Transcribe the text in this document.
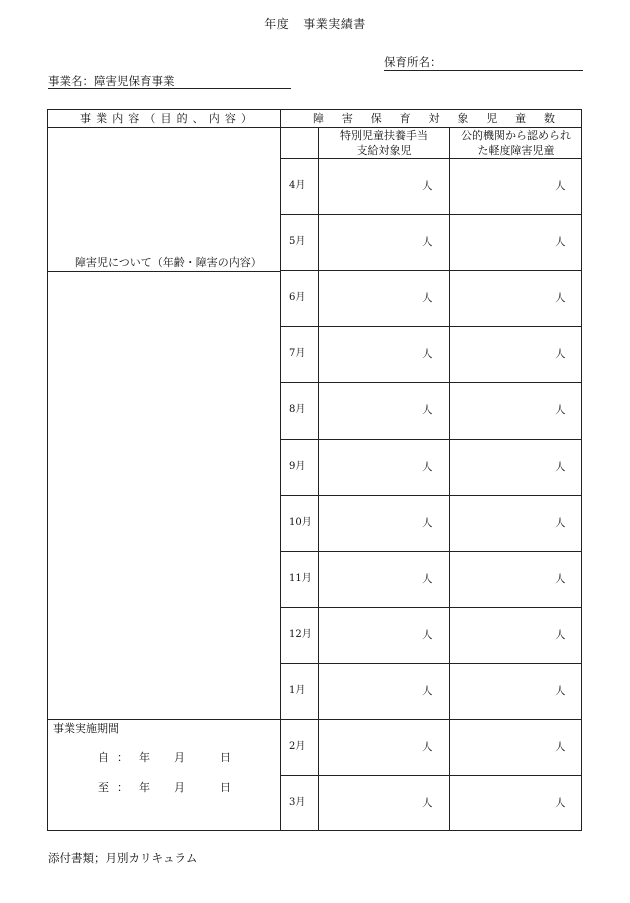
年度 事業実績書
保育所名：
事業名：障害児保育事業
事 業 内 容 （ 目 的 、 内 容 ）	障 害 保 育 対 象 児 童 数
特別児童扶養手当
支給対象児
公的機関から認められ
た軽度障害児童
障害児について（年齢・障害の内容）
事業実施期間
自 ： 年 月	日
至 ： 年 月	日
4月	人	人
5月	人	人
6月	人	人
7月	人	人
8月	人	人
9月	人	人
10月	人	人
11月	人	人
12月	人	人
1月	人	人
2月	人	人
3月	人	人
添付書類；月別カリキュラム
